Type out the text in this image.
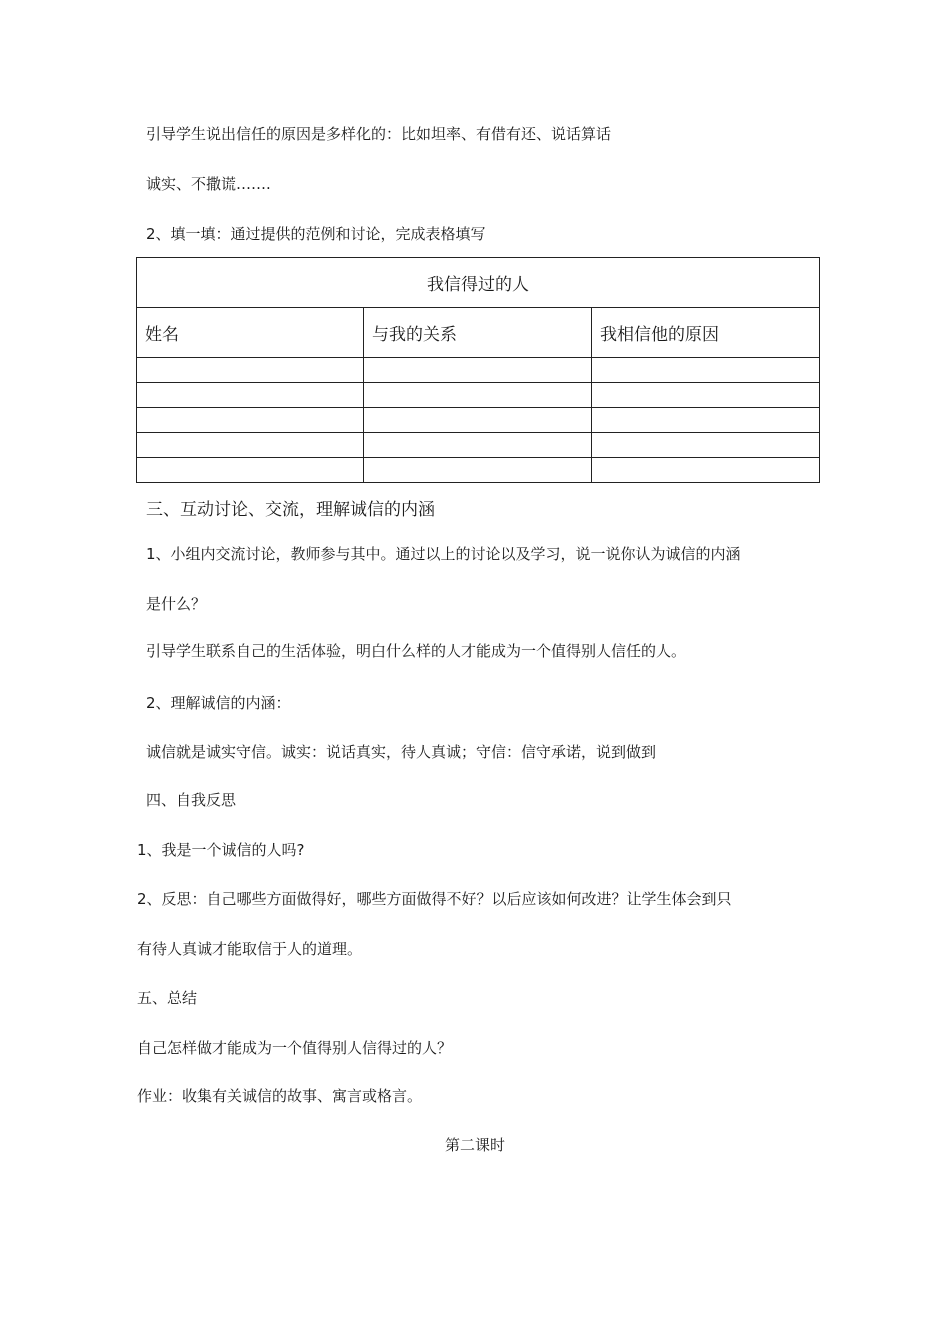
引导学生说出信任的原因是多样化的：比如坦率、有借有还、说话算话
诚实、不撒谎…….
2、填一填：通过提供的范例和讨论，完成表格填写
我信得过的人		
姓名	与我的关系	我相信他的原因

三、互动讨论、交流，理解诚信的内涵
1、小组内交流讨论，教师参与其中。通过以上的讨论以及学习，说一说你认为诚信的内涵
是什么？
引导学生联系自己的生活体验，明白什么样的人才能成为一个值得别人信任的人。
2、理解诚信的内涵：
诚信就是诚实守信。诚实：说话真实，待人真诚；守信：信守承诺，说到做到
四、自我反思
1、我是一个诚信的人吗?
2、反思：自己哪些方面做得好，哪些方面做得不好？以后应该如何改进？让学生体会到只
有待人真诚才能取信于人的道理。
五、总结
自己怎样做才能成为一个值得别人信得过的人？
作业：收集有关诚信的故事、寓言或格言。
第二课时
